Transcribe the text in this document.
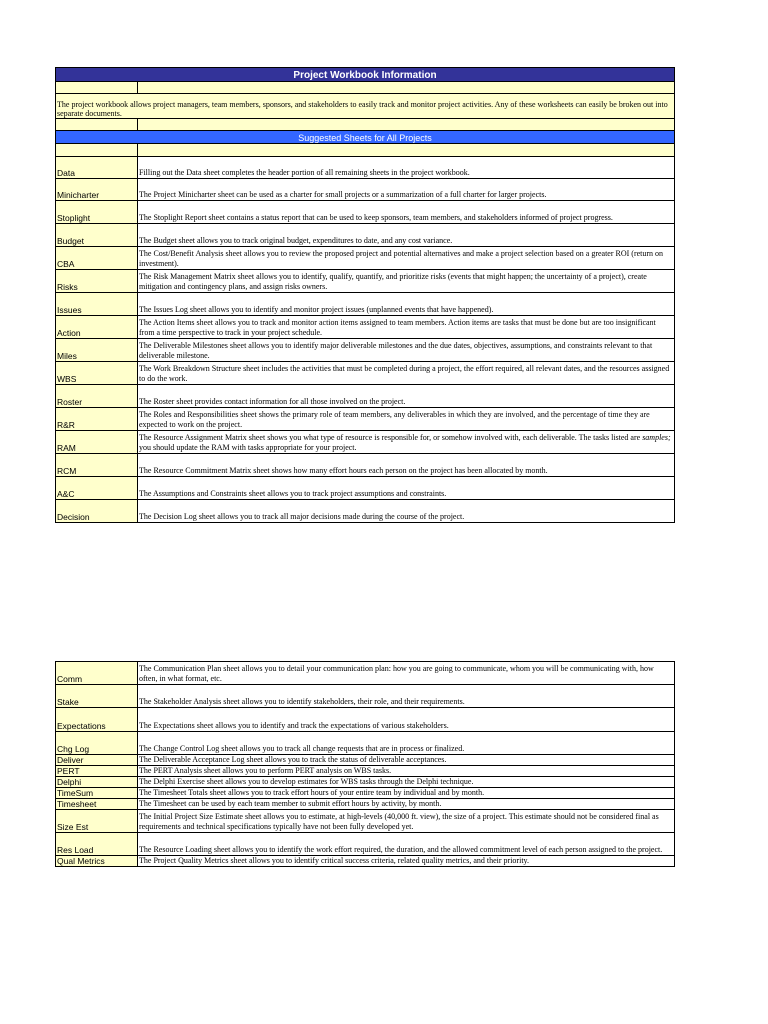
Project Workbook Information	

The project workbook allows project managers, team members, sponsors, and stakeholders to easily track and monitor project activities. Any of these worksheets can easily be broken out into separate documents.	

Suggested Sheets for All Projects	

Data	Filling out the Data sheet completes the header portion of all remaining sheets in the project workbook.
Minicharter	The Project Minicharter sheet can be used as a charter for small projects or a summarization of a full charter for larger projects.
Stoplight	The Stoplight Report sheet contains a status report that can be used to keep sponsors, team members, and stakeholders informed of project progress.
Budget	The Budget sheet allows you to track original budget, expenditures to date, and any cost variance.
CBA	The Cost/Benefit Analysis sheet allows you to review the proposed project and potential alternatives and make a project selection based on a greater ROI (return on investment).
Risks	The Risk Management Matrix sheet allows you to identify, qualify, quantify, and prioritize risks (events that might happen; the uncertainty of a project), create mitigation and contingency plans, and assign risks owners.
Issues	The Issues Log sheet allows you to identify and monitor project issues (unplanned events that have happened).
Action	The Action Items sheet allows you to track and monitor action items assigned to team members. Action items are tasks that must be done but are too insignificant from a time perspective to track in your project schedule.
Miles	The Deliverable Milestones sheet allows you to identify major deliverable milestones and the due dates, objectives, assumptions, and constraints relevant to that deliverable milestone.
WBS	The Work Breakdown Structure sheet includes the activities that must be completed during a project, the effort required, all relevant dates, and the resources assigned to do the work.
Roster	The Roster sheet provides contact information for all those involved on the project.
R&R	The Roles and Responsibilities sheet shows the primary role of team members, any deliverables in which they are involved, and the percentage of time they are expected to work on the project.
RAM	The Resource Assignment Matrix sheet shows you what type of resource is responsible for, or somehow involved with, each deliverable. The tasks listed are samples; you should update the RAM with tasks appropriate for your project.
RCM	The Resource Commitment Matrix sheet shows how many effort hours each person on the project has been allocated by month.
A&C	The Assumptions and Constraints sheet allows you to track project assumptions and constraints.
Decision	The Decision Log sheet allows you to track all major decisions made during the course of the project.
Comm	The Communication Plan sheet allows you to detail your communication plan: how you are going to communicate, whom you will be communicating with, how often, in what format, etc.
Stake	The Stakeholder Analysis sheet allows you to identify stakeholders, their role, and their requirements.
Expectations	The Expectations sheet allows you to identify and track the expectations of various stakeholders.
Chg Log	The Change Control Log sheet allows you to track all change requests that are in process or finalized.
Deliver	The Deliverable Acceptance Log sheet allows you to track the status of deliverable acceptances.
PERT	The PERT Analysis sheet allows you to perform PERT analysis on WBS tasks.
Delphi	The Delphi Exercise sheet allows you to develop estimates for WBS tasks through the Delphi technique.
TimeSum	The Timesheet Totals sheet allows you to track effort hours of your entire team by individual and by month.
Timesheet	The Timesheet can be used by each team member to submit effort hours by activity, by month.
Size Est	The Initial Project Size Estimate sheet allows you to estimate, at high-levels (40,000 ft. view), the size of a project. This estimate should not be considered final as requirements and technical specifications typically have not been fully developed yet.
Res Load	The Resource Loading sheet allows you to identify the work effort required, the duration, and the allowed commitment level of each person assigned to the project.
Qual Metrics	The Project Quality Metrics sheet allows you to identify critical success criteria, related quality metrics, and their priority.
